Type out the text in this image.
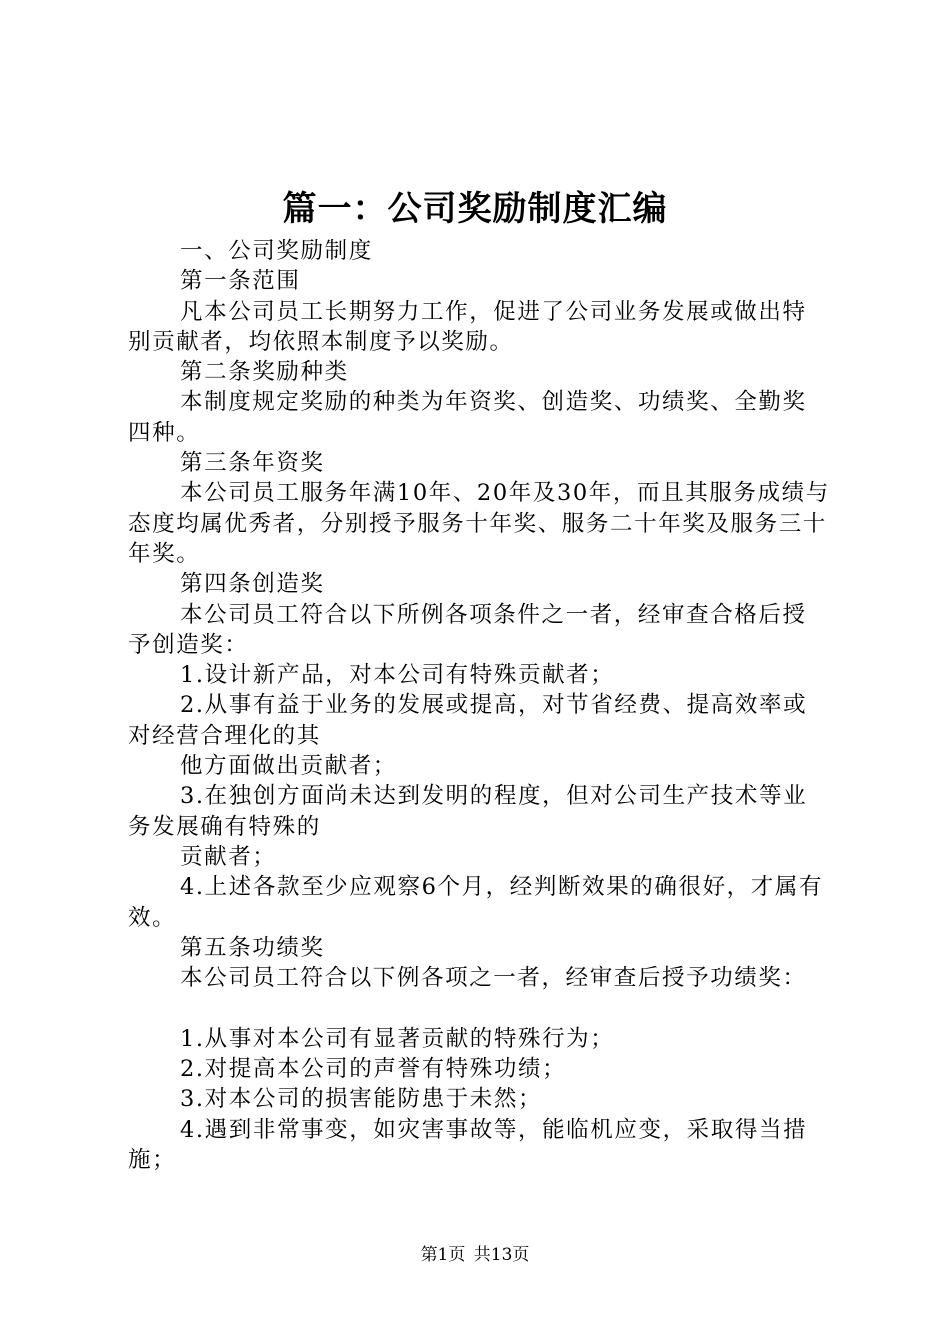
篇一：公司奖励制度汇编

一、公司奖励制度

第一条范围

凡本公司员工长期努力工作，促进了公司业务发展或做出特别贡献者，均依照本制度予以奖励。

第二条奖励种类

本制度规定奖励的种类为年资奖、创造奖、功绩奖、全勤奖四种。

第三条年资奖

本公司员工服务年满10年、20年及30年，而且其服务成绩与态度均属优秀者，分别授予服务十年奖、服务二十年奖及服务三十年奖。

第四条创造奖

本公司员工符合以下所例各项条件之一者，经审查合格后授予创造奖：

1.设计新产品，对本公司有特殊贡献者；

2.从事有益于业务的发展或提高，对节省经费、提高效率或对经营合理化的其

他方面做出贡献者；

3.在独创方面尚未达到发明的程度，但对公司生产技术等业务发展确有特殊的

贡献者；

4.上述各款至少应观察6个月，经判断效果的确很好，才属有效。

第五条功绩奖

本公司员工符合以下例各项之一者，经审查后授予功绩奖：

1.从事对本公司有显著贡献的特殊行为；

2.对提高本公司的声誉有特殊功绩；

3.对本公司的损害能防患于未然；

4.遇到非常事变，如灾害事故等，能临机应变，采取得当措施；

第1页 共13页
